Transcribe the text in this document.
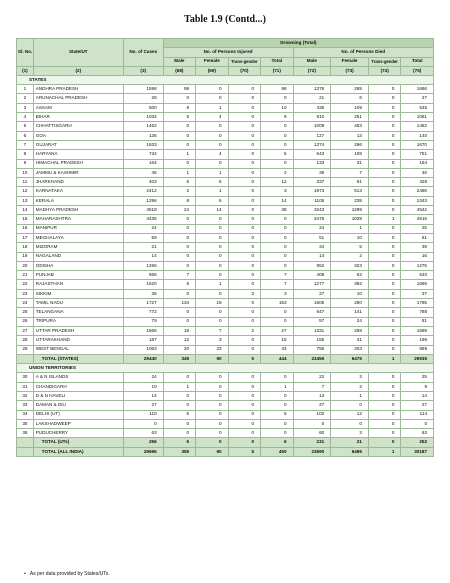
Table 1.9 (Contd...)
Sl. No.	State/UT	No. of Cases	Drowning (Total)							
			No. of Persons Injured				No. of Persons Died			
			Male	Female	Trans-gender	Total	Male	Female	Trans-gender	Total
(1)	(2)	(3)	(68)	(69)	(70)	(71)	(72)	(73)	(74)	(75)
STATES										
1	ANDHRA PRADESH	1598	98	0	0	98	1378	288	0	1666
2	ARUNACHAL PRADESH	28	0	0	0	0	21	6	0	27
3	ASSAM	500	9	1	0	10	436	109	0	545
4	BIHAR	1034	5	4	0	9	810	251	0	1061
5	CHHATTISGARH	1462	0	0	0	0	1009	453	0	1462
6	GOA	136	0	0	0	0	127	13	0	140
7	GUJARAT	1633	0	0	0	0	1374	296	0	1670
8	HARYANA	734	1	4	0	5	643	108	0	751
9	HIMACHAL PRADESH	164	0	0	0	0	133	31	0	164
10	JAMMU & KASHMIR	46	1	1	0	2	39	7	0	46
11	JHARKHAND	403	6	6	0	12	337	91	0	428
12	KARNATAKA	2412	2	1	0	3	1973	513	0	2486
13	KERALA	1296	8	6	0	14	1105	238	0	1343
14	MADHYA PRADESH	4518	24	14	0	38	3243	1299	0	4542
15	MAHARASHTRA	4436	0	0	0	0	3476	1039	1	4516
16	MANIPUR	24	0	0	0	0	24	1	0	25
17	MEGHALAYA	59	0	0	0	0	51	10	0	61
18	MIZORAM	21	0	0	0	0	34	5	0	39
19	NAGALAND	14	0	0	0	0	14	2	0	16
20	ODISHA	1266	0	0	0	0	952	323	0	1275
21	PUNJAB	566	7	0	0	7	408	62	0	540
22	RAJASTHAN	1620	6	1	0	7	1277	392	0	1669
23	SIKKIM	36	0	0	3	3	27	10	0	37
24	TAMIL NADU	1727	134	19	0	153	1505	280	0	1785
25	TELANGANA	772	0	0	0	0	647	141	0	788
26	TRIPURA	79	0	0	0	0	57	24	0	81
27	UTTAR PRADESH	1566	18	7	2	27	1331	258	0	1589
28	UTTARAKHAND	187	12	3	0	15	155	41	0	196
29	WEST BENGAL	1063	20	23	0	43	756	203	0	959
	TOTAL (STATES)	29440	349	90	5	444	23459	6475	1	29935
UNION TERRITORIES										
30	A & N ISLANDS	24	0	0	0	0	22	3	0	25
31	CHANDIGARH	10	1	0	0	1	7	2	0	9
32	D & N HAVELI	14	0	0	0	0	13	1	0	14
33	DAMAN & DIU	27	0	0	0	0	27	0	0	27
34	DELHI (UT)	110	5	0	0	5	102	12	0	114
35	LAKSHADWEEP	0	0	0	0	0	0	0	0	0
36	PUDUCHERRY	63	0	0	0	0	60	3	0	63
	TOTAL (UTs)	256	6	0	0	6	231	21	0	252
	TOTAL (ALL INDIA)	29696	355	90	5	450	23690	6496	1	30187
•   As per data provided by States/UTs.
